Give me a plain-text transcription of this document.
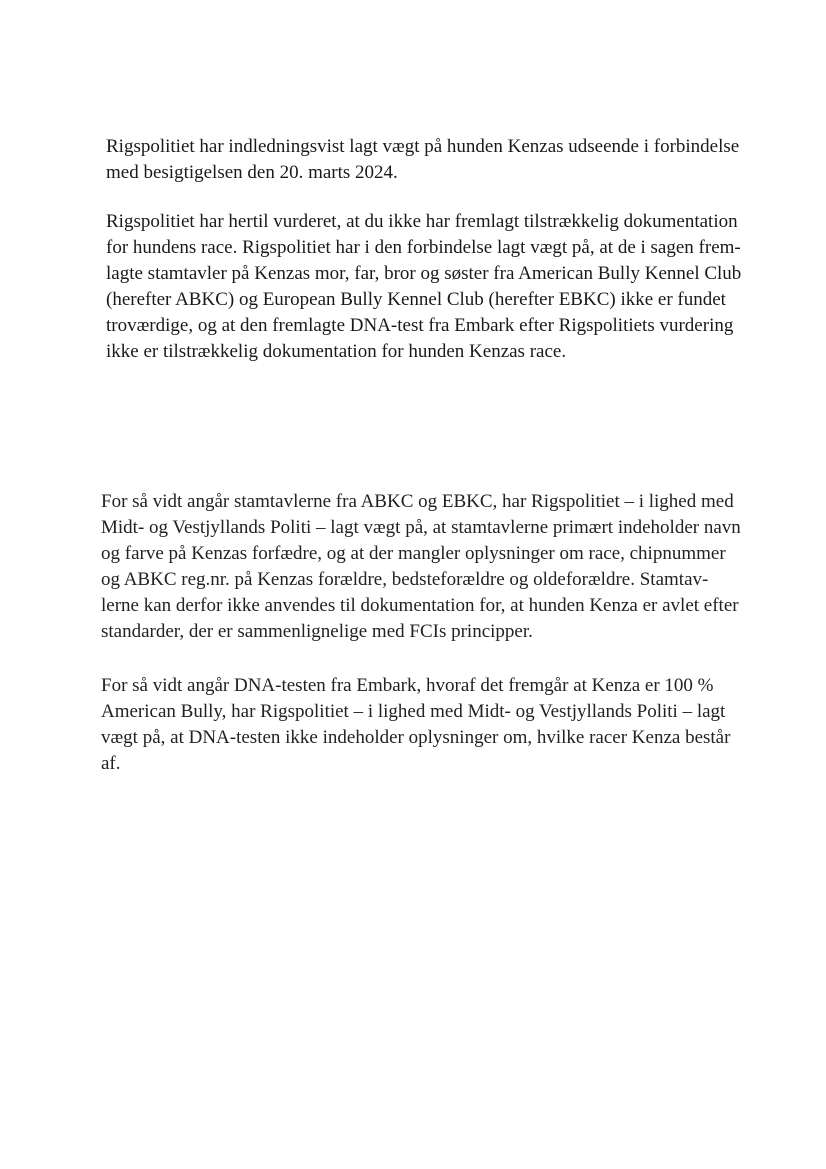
Rigspolitiet har indledningsvist lagt vægt på hunden Kenzas udseende i forbindelse
med besigtigelsen den 20. marts 2024.

Rigspolitiet har hertil vurderet, at du ikke har fremlagt tilstrækkelig dokumentation
for hundens race. Rigspolitiet har i den forbindelse lagt vægt på, at de i sagen frem-
lagte stamtavler på Kenzas mor, far, bror og søster fra American Bully Kennel Club
(herefter ABKC) og European Bully Kennel Club (herefter EBKC) ikke er fundet
troværdige, og at den fremlagte DNA-test fra Embark efter Rigspolitiets vurdering
ikke er tilstrækkelig dokumentation for hunden Kenzas race.

For så vidt angår stamtavlerne fra ABKC og EBKC, har Rigspolitiet – i lighed med
Midt- og Vestjyllands Politi – lagt vægt på, at stamtavlerne primært indeholder navn
og farve på Kenzas forfædre, og at der mangler oplysninger om race, chipnummer
og ABKC reg.nr. på Kenzas forældre, bedsteforældre og oldeforældre. Stamtav-
lerne kan derfor ikke anvendes til dokumentation for, at hunden Kenza er avlet efter
standarder, der er sammenlignelige med FCIs principper.

For så vidt angår DNA-testen fra Embark, hvoraf det fremgår at Kenza er 100 %
American Bully, har Rigspolitiet – i lighed med Midt- og Vestjyllands Politi – lagt
vægt på, at DNA-testen ikke indeholder oplysninger om, hvilke racer Kenza består
af.
